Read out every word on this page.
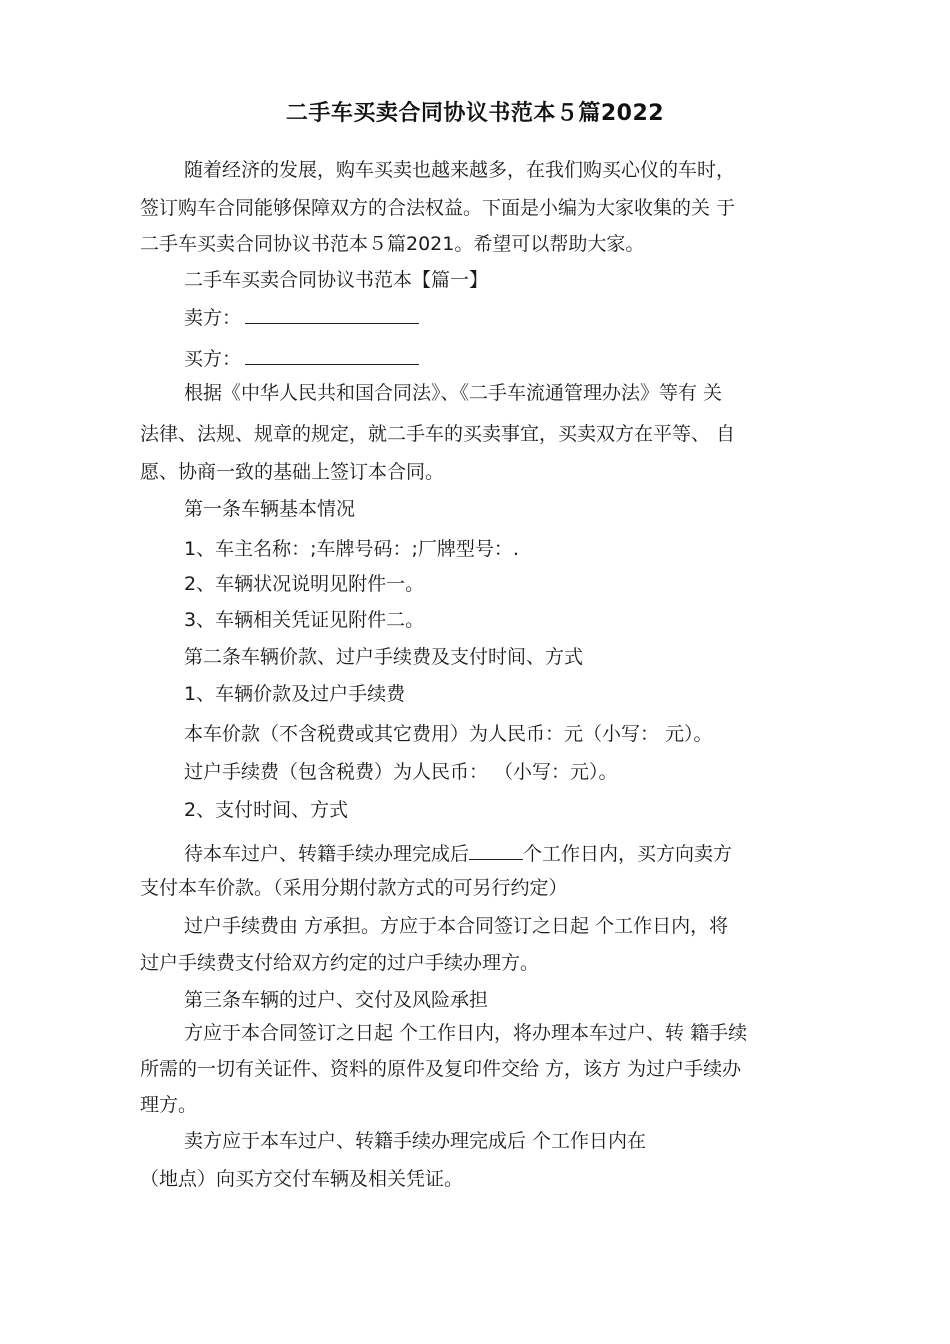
二手车买卖合同协议书范本５篇2022
随着经济的发展，购车买卖也越来越多，在我们购买心仪的车时，
签订购车合同能够保障双方的合法权益。下面是小编为大家收集的关 于
二手车买卖合同协议书范本５篇2021。希望可以帮助大家。
二手车买卖合同协议书范本【篇一】
卖方：
买方：
根据《中华人民共和国合同法》、《二手车流通管理办法》等有 关
法律、法规、规章的规定，就二手车的买卖事宜，买卖双方在平等、 自
愿、协商一致的基础上签订本合同。
第一条车辆基本情况
1、车主名称：;车牌号码：;厂牌型号：.
2、车辆状况说明见附件一。
3、车辆相关凭证见附件二。
第二条车辆价款、过户手续费及支付时间、方式
1、车辆价款及过户手续费
本车价款（不含税费或其它费用）为人民币：元（小写： 元）。
过户手续费（包含税费）为人民币： （小写：元）。
2、支付时间、方式
待本车过户、转籍手续办理完成后	个工作日内，买方向卖方
支付本车价款。（采用分期付款方式的可另行约定）
过户手续费由 方承担。方应于本合同签订之日起 个工作日内，将
过户手续费支付给双方约定的过户手续办理方。
第三条车辆的过户、交付及风险承担
方应于本合同签订之日起 个工作日内，将办理本车过户、转 籍手续
所需的一切有关证件、资料的原件及复印件交给 方，该方 为过户手续办
理方。
卖方应于本车过户、转籍手续办理完成后 个工作日内在
（地点）向买方交付车辆及相关凭证。
